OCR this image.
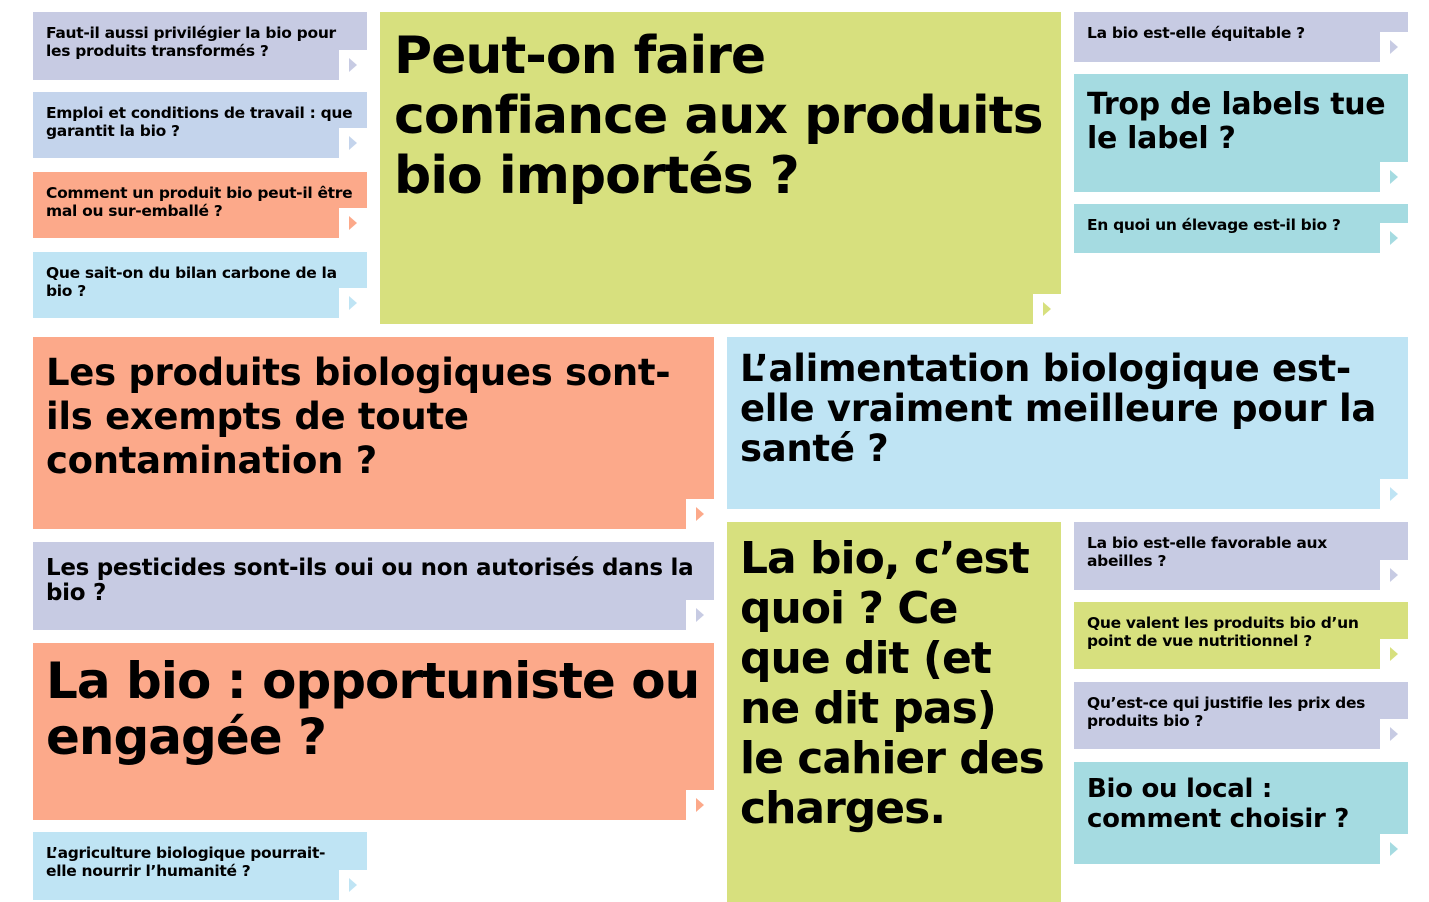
Faut-il aussi privilégier la bio pour les produits transformés ?
Emploi et conditions de travail : que garantit la bio ?
Comment un produit bio peut-il être mal ou sur-emballé ?
Que sait-on du bilan carbone de la bio ?
Peut-on faire confiance aux produits bio importés ?
La bio est-elle équitable ?
Trop de labels tue le label ?
En quoi un élevage est-il bio ?
Les produits biologiques sont-ils exempts de toute contamination ?
L’alimentation biologique est-elle vraiment meilleure pour la santé ?
Les pesticides sont-ils oui ou non autorisés dans la bio ?
La bio : opportuniste ou engagée ?
L’agriculture biologique pourrait-elle nourrir l’humanité ?
La bio, c’est quoi ? Ce que dit (et ne dit pas) le cahier des charges.
La bio est-elle favorable aux abeilles ?
Que valent les produits bio d’un point de vue nutritionnel ?
Qu’est-ce qui justifie les prix des produits bio ?
Bio ou local : comment choisir ?
